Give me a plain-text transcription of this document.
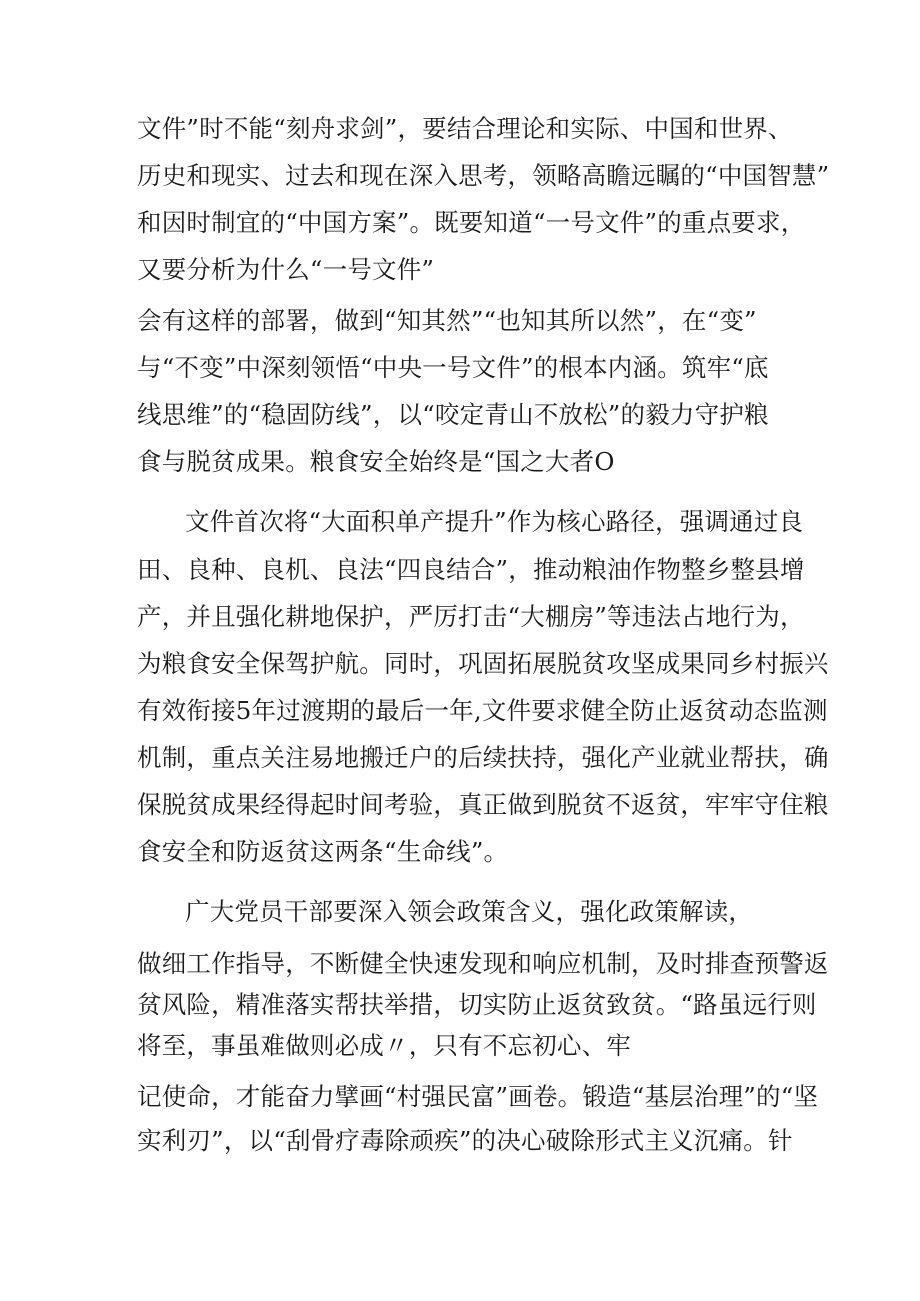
文件”时不能“刻舟求剑”，要结合理论和实际、中国和世界、
历史和现实、过去和现在深入思考，领略高瞻远瞩的“中国智慧”
和因时制宜的“中国方案”。既要知道“一号文件”的重点要求，
又要分析为什么“一号文件”
会有这样的部署，做到“知其然”“也知其所以然”，在“变”
与“不变”中深刻领悟“中央一号文件”的根本内涵。筑牢“底
线思维”的“稳固防线”，以“咬定青山不放松”的毅力守护粮
食与脱贫成果。粮食安全始终是“国之大者O
文件首次将“大面积单产提升”作为核心路径，强调通过良
田、良种、良机、良法“四良结合”，推动粮油作物整乡整县增
产，并且强化耕地保护，严厉打击“大棚房”等违法占地行为，
为粮食安全保驾护航。同时，巩固拓展脱贫攻坚成果同乡村振兴
有效衔接5年过渡期的最后一年,文件要求健全防止返贫动态监测
机制，重点关注易地搬迁户的后续扶持，强化产业就业帮扶，确
保脱贫成果经得起时间考验，真正做到脱贫不返贫，牢牢守住粮
食安全和防返贫这两条“生命线”。
广大党员干部要深入领会政策含义，强化政策解读，
做细工作指导，不断健全快速发现和响应机制，及时排查预警返
贫风险，精准落实帮扶举措，切实防止返贫致贫。“路虽远行则
将至，事虽难做则必成〃，只有不忘初心、牢
记使命，才能奋力擘画“村强民富”画卷。锻造“基层治理”的“坚
实利刃”，以“刮骨疗毒除顽疾”的决心破除形式主义沉痛。针
